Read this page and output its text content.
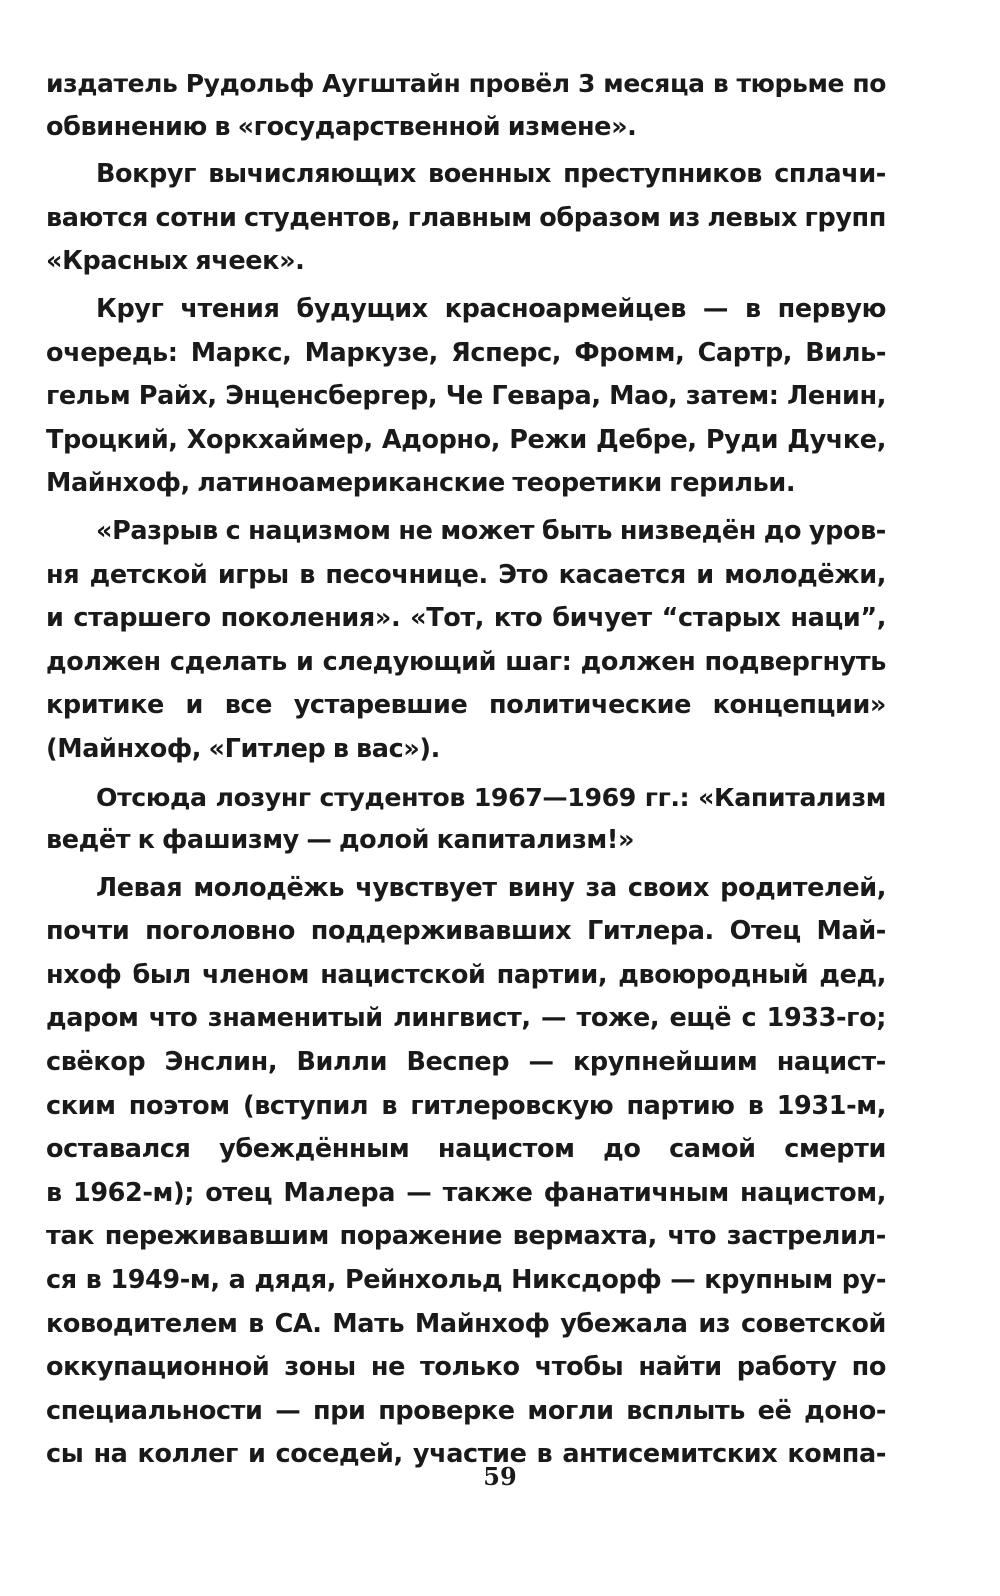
издатель Рудольф Аугштайн провёл 3 месяца в тюрьме по
обвинению в «государственной измене».
Вокруг вычисляющих военных преступников сплачи-
ваются сотни студентов, главным образом из левых групп
«Красных ячеек».
Круг чтения будущих красноармейцев — в первую
очередь: Маркс, Маркузе, Ясперс, Фромм, Сартр, Виль-
гельм Райх, Энценсбергер, Че Гевара, Мао, затем: Ленин,
Троцкий, Хоркхаймер, Адорно, Режи Дебре, Руди Дучке,
Майнхоф, латиноамериканские теоретики герильи.
«Разрыв с нацизмом не может быть низведён до уров-
ня детской игры в песочнице. Это касается и молодёжи,
и старшего поколения». «Тот, кто бичует “старых наци”,
должен сделать и следующий шаг: должен подвергнуть
критике и все устаревшие политические концепции»
(Майнхоф, «Гитлер в вас»).
Отсюда лозунг студентов 1967—1969 гг.: «Капитализм
ведёт к фашизму — долой капитализм!»
Левая молодёжь чувствует вину за своих родителей,
почти поголовно поддерживавших Гитлера. Отец Май-
нхоф был членом нацистской партии, двоюродный дед,
даром что знаменитый лингвист, — тоже, ещё с 1933-го;
свёкор Энслин, Вилли Веспер — крупнейшим нацист-
ским поэтом (вступил в гитлеровскую партию в 1931-м,
оставался убеждённым нацистом до самой смерти
в 1962-м); отец Малера — также фанатичным нацистом,
так переживавшим поражение вермахта, что застрелил-
ся в 1949-м, а дядя, Рейнхольд Никсдорф — крупным ру-
ководителем в СА. Мать Майнхоф убежала из советской
оккупационной зоны не только чтобы найти работу по
специальности — при проверке могли всплыть её доно-
сы на коллег и соседей, участие в антисемитских компа-
59
